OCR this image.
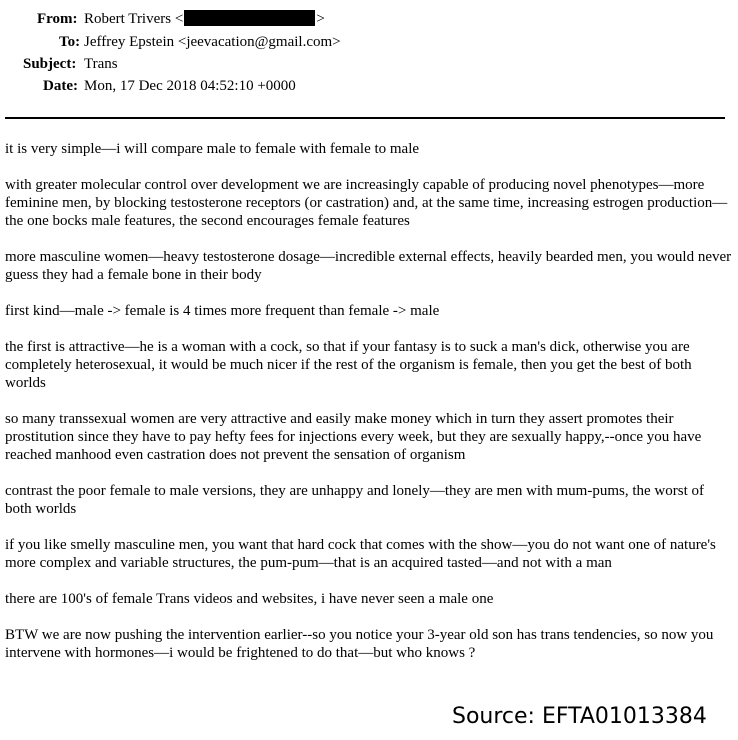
From: Robert Trivers <	>
To: Jeffrey Epstein <jeevacation@gmail.com>
Subject: Trans
Date: Mon, 17 Dec 2018 04:52:10 +0000

it is very simple—i will compare male to female with female to male

with greater molecular control over development we are increasingly capable of producing novel phenotypes—more feminine men, by blocking testosterone receptors (or castration) and, at the same time, increasing estrogen production—the one bocks male features, the second encourages female features

more masculine women—heavy testosterone dosage—incredible external effects, heavily bearded men, you would never guess they had a female bone in their body

first kind—male -> female is 4 times more frequent than female -> male

the first is attractive—he is a woman with a cock, so that if your fantasy is to suck a man's dick, otherwise you are completely heterosexual, it would be much nicer if the rest of the organism is female, then you get the best of both worlds

so many transsexual women are very attractive and easily make money which in turn they assert promotes their prostitution since they have to pay hefty fees for injections every week, but they are sexually happy,--once you have reached manhood even castration does not prevent the sensation of organism

contrast the poor female to male versions, they are unhappy and lonely—they are men with mum-pums, the worst of both worlds

if you like smelly masculine men, you want that hard cock that comes with the show—you do not want one of nature's more complex and variable structures, the pum-pum—that is an acquired tasted—and not with a man

there are 100's of female Trans videos and websites, i have never seen a male one

BTW we are now pushing the intervention earlier--so you notice your 3-year old son has trans tendencies, so now you intervene with hormones—i would be frightened to do that—but who knows ?

Source: EFTA01013384
